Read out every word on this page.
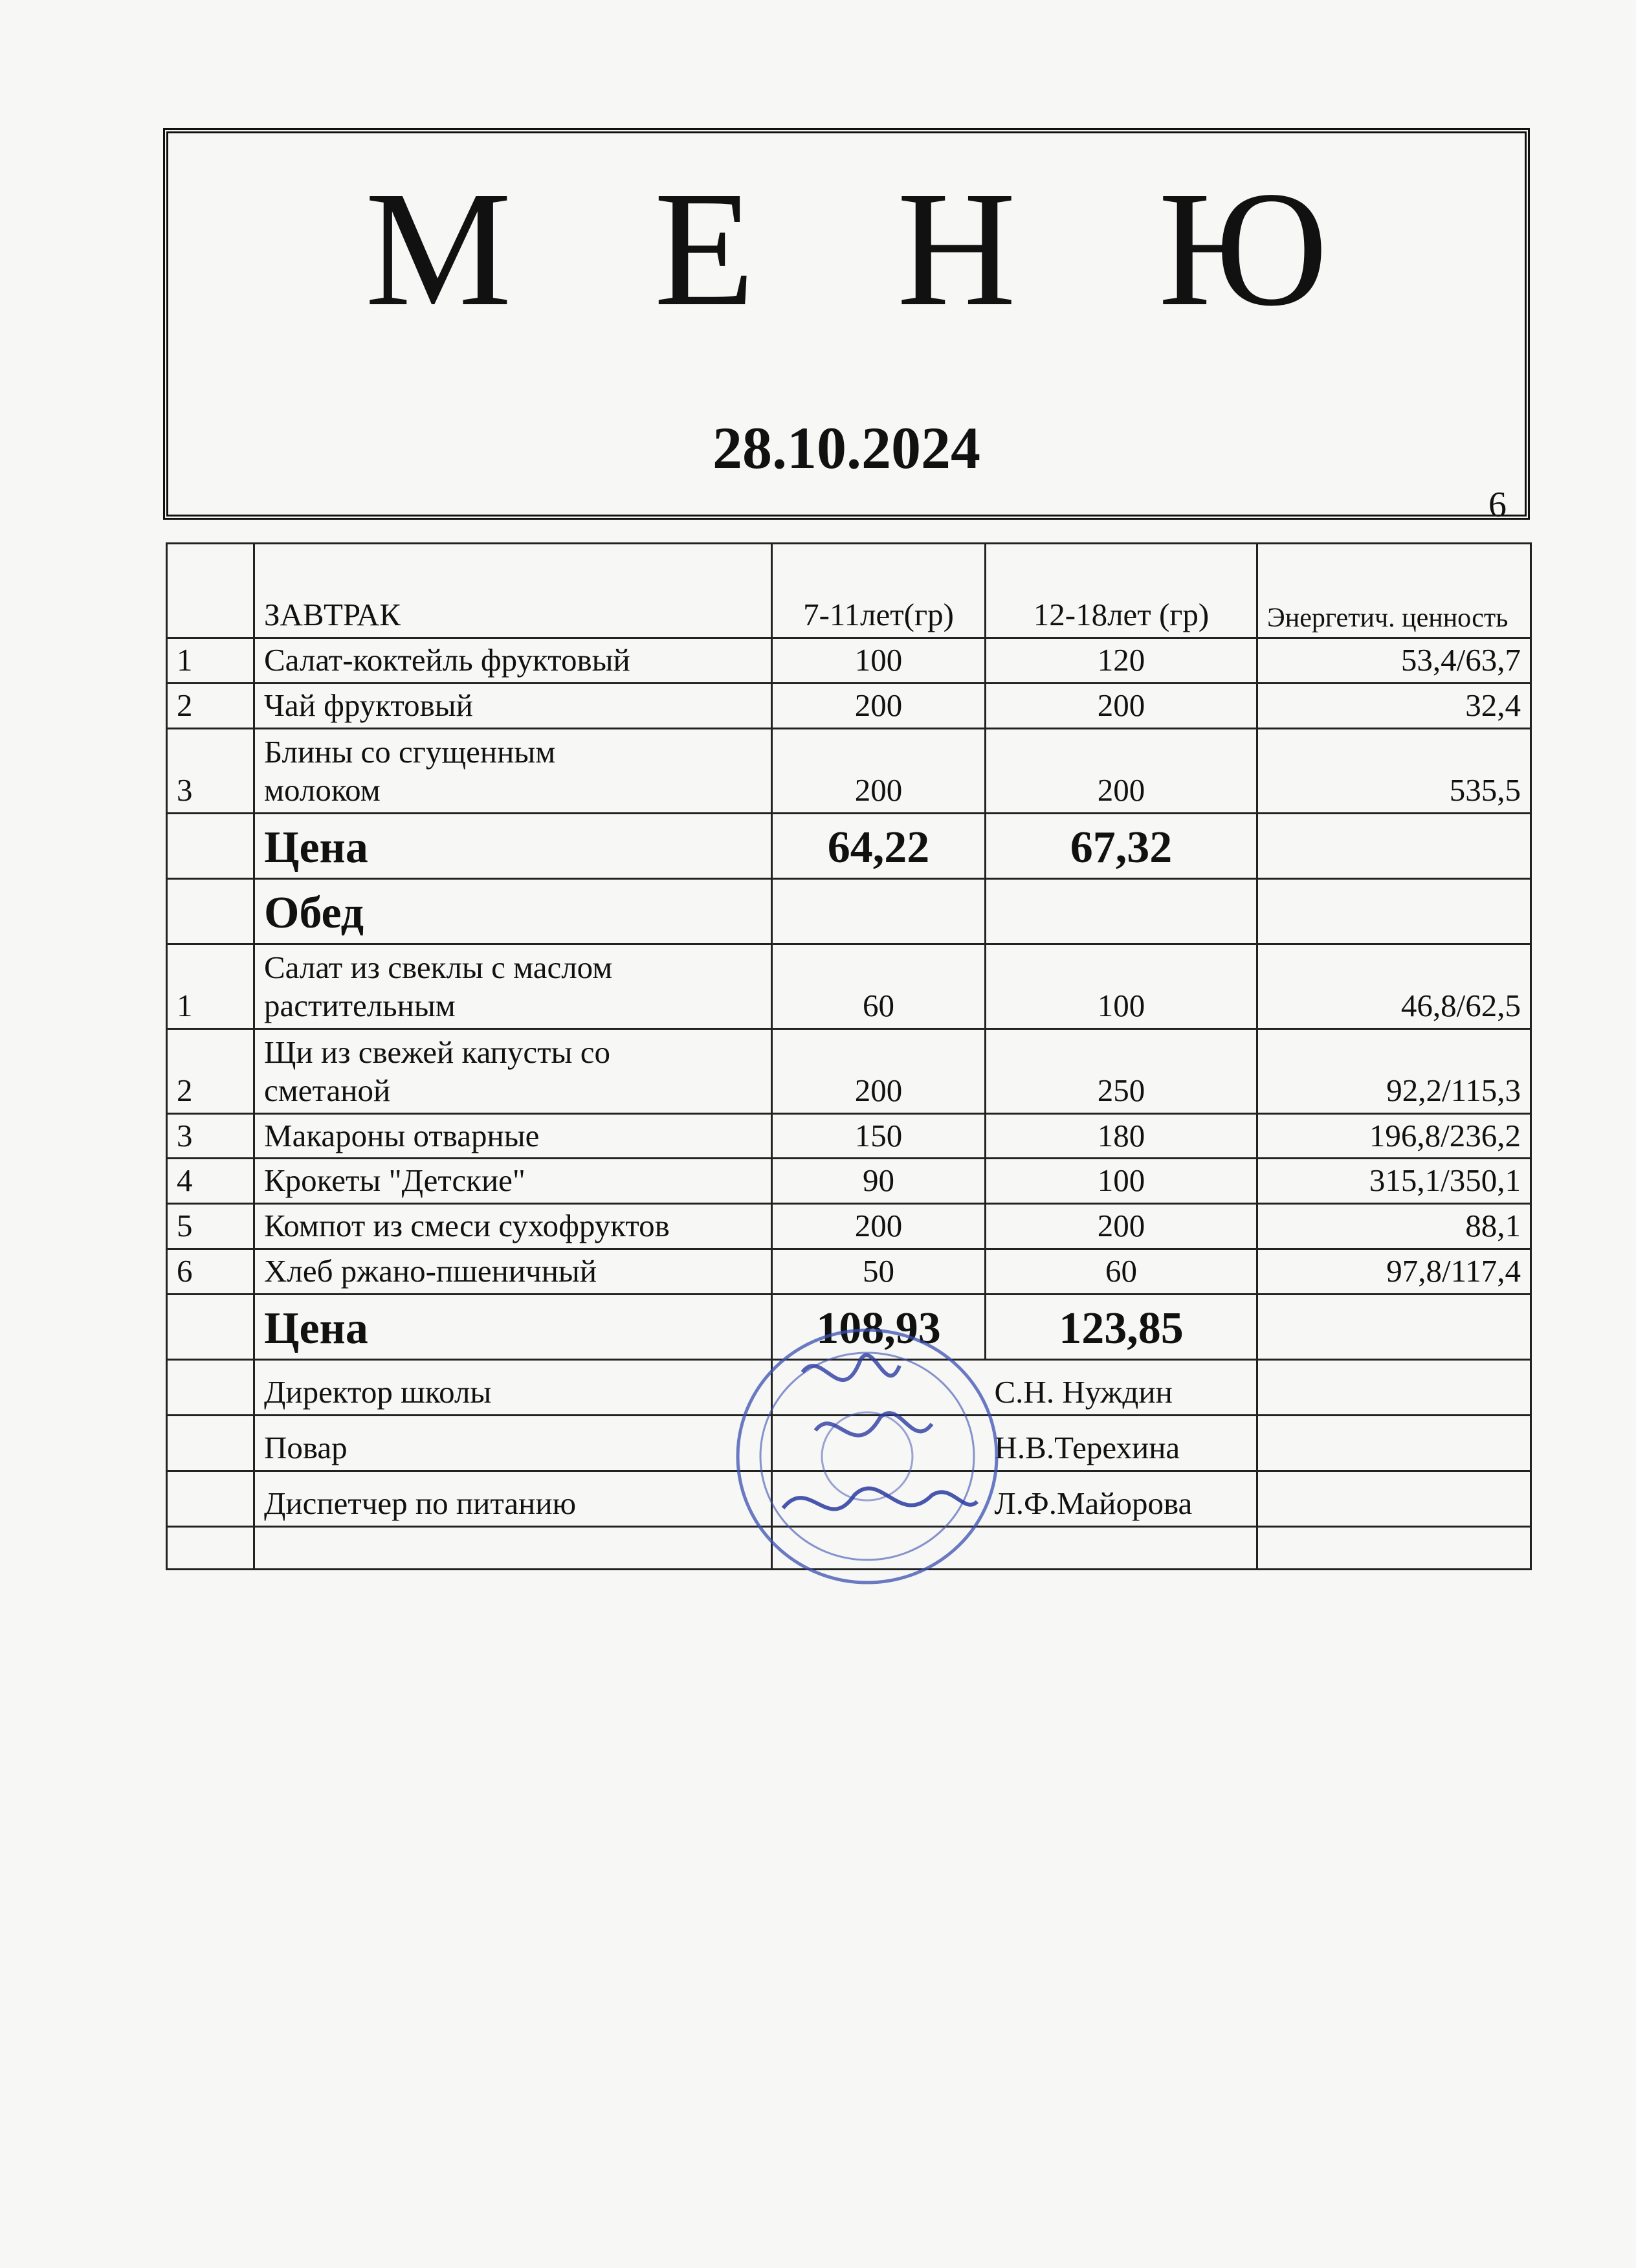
М Е Н Ю
28.10.2024
6
	ЗАВТРАК	7-11лет(гр)	12-18лет (гр)	Энергетич. ценность
1	Салат-коктейль фруктовый	100	120	53,4/63,7
2	Чай фруктовый	200	200	32,4
3	Блины со сгущенным
молоком	200	200	535,5
	Цена	64,22	67,32	
	Обед			
1	Салат из свеклы с маслом
растительным	60	100	46,8/62,5
2	Щи из свежей капусты со
сметаной	200	250	92,2/115,3
3	Макароны отварные	150	180	196,8/236,2
4	Крокеты "Детские"	90	100	315,1/350,1
5	Компот из смеси сухофруктов	200	200	88,1
6	Хлеб ржано-пшеничный	50	60	97,8/117,4
	Цена	108,93	123,85	
	Директор школы		С.Н. Нуждин	
	Повар		Н.В.Терехина	
	Диспетчер по питанию		Л.Ф.Майорова	
